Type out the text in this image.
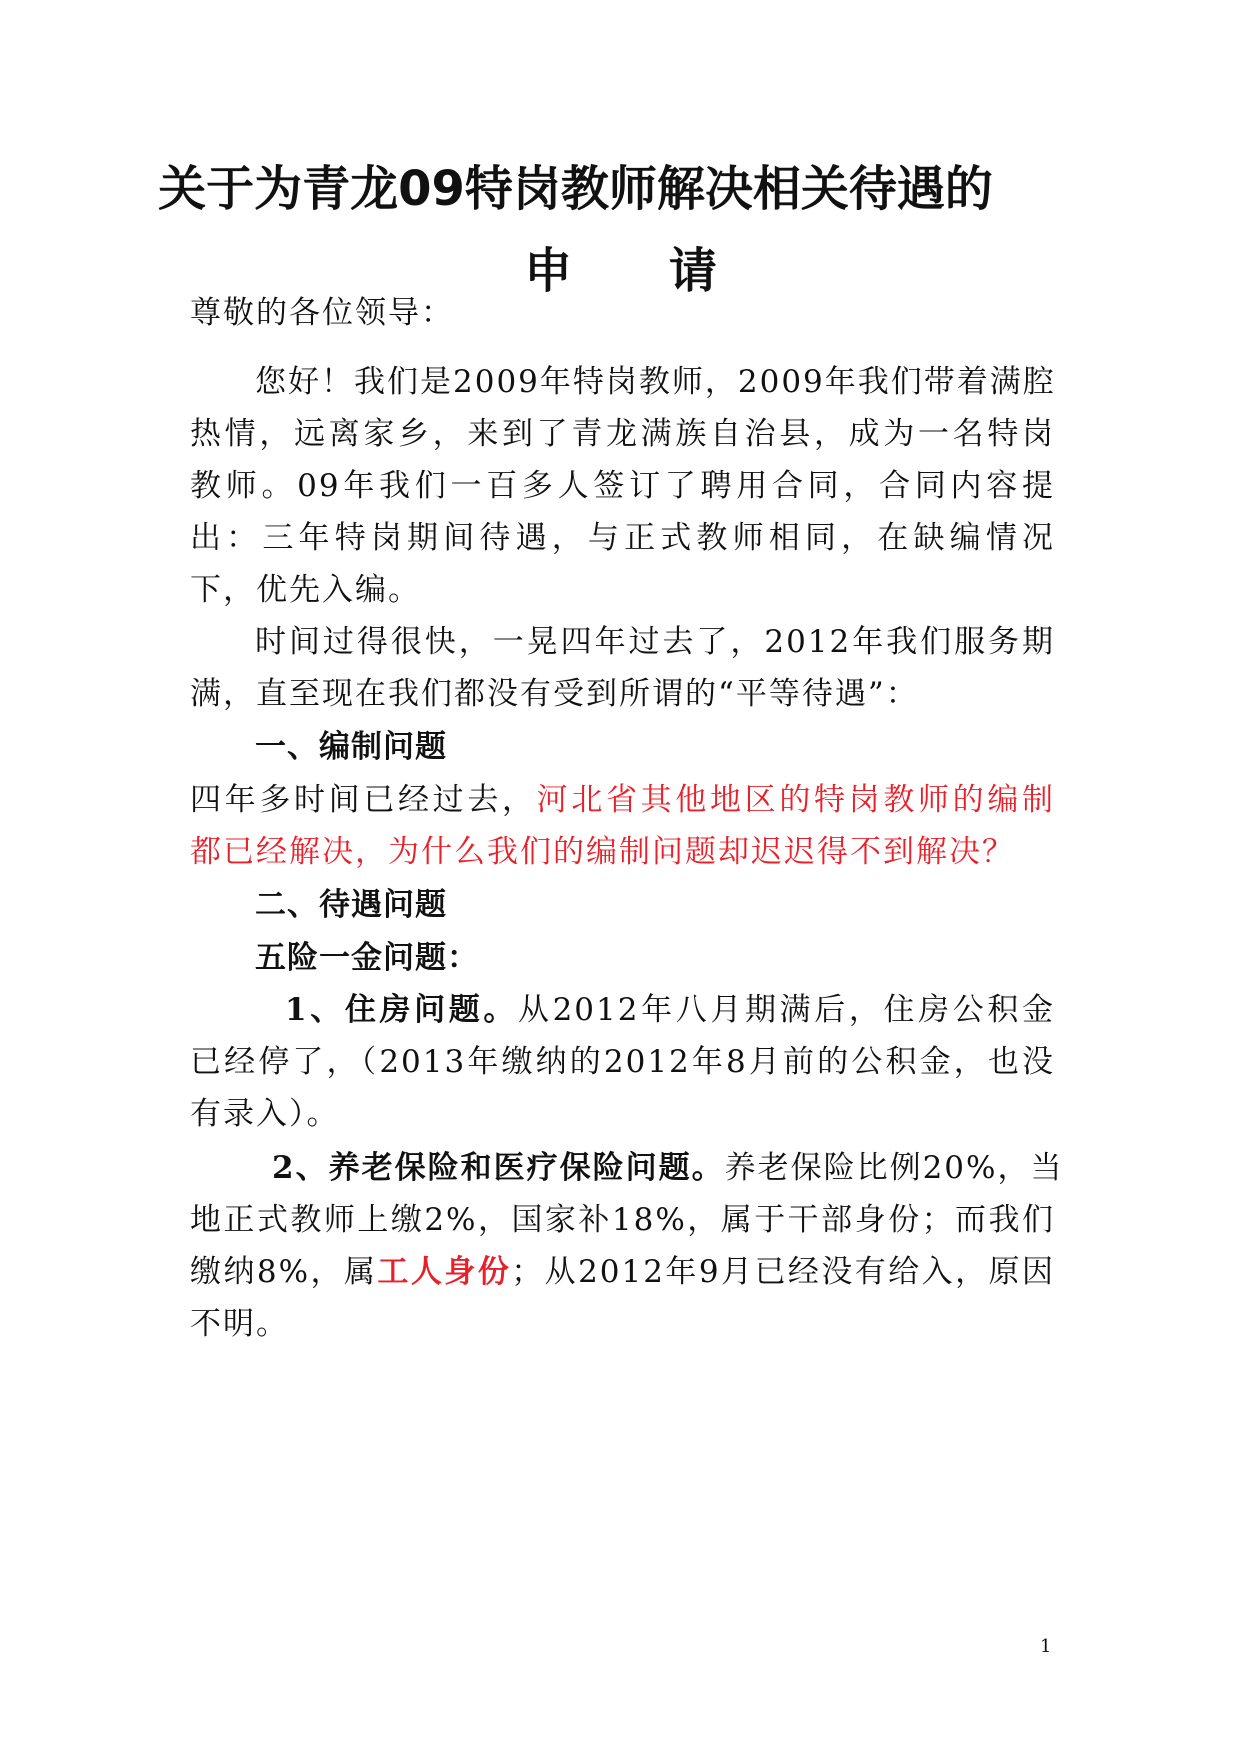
关于为青龙09特岗教师解决相关待遇的
申 请
尊敬的各位领导：
您好！我们是2009年特岗教师，2009年我们带着满腔
热情，远离家乡，来到了青龙满族自治县，成为一名特岗
教师。09年我们一百多人签订了聘用合同，合同内容提
出：三年特岗期间待遇，与正式教师相同，在缺编情况
下，优先入编。
时间过得很快，一晃四年过去了，2012年我们服务期
满，直至现在我们都没有受到所谓的“平等待遇”：
一、编制问题
四年多时间已经过去，河北省其他地区的特岗教师的编制
都已经解决，为什么我们的编制问题却迟迟得不到解决？
二、待遇问题
五险一金问题：
1、住房问题。从2012年八月期满后，住房公积金
已经停了，（2013年缴纳的2012年8月前的公积金，也没
有录入）。
2、养老保险和医疗保险问题。养老保险比例20%，当
地正式教师上缴2%，国家补18%，属于干部身份；而我们
缴纳8%，属工人身份；从2012年9月已经没有给入，原因
不明。
1
